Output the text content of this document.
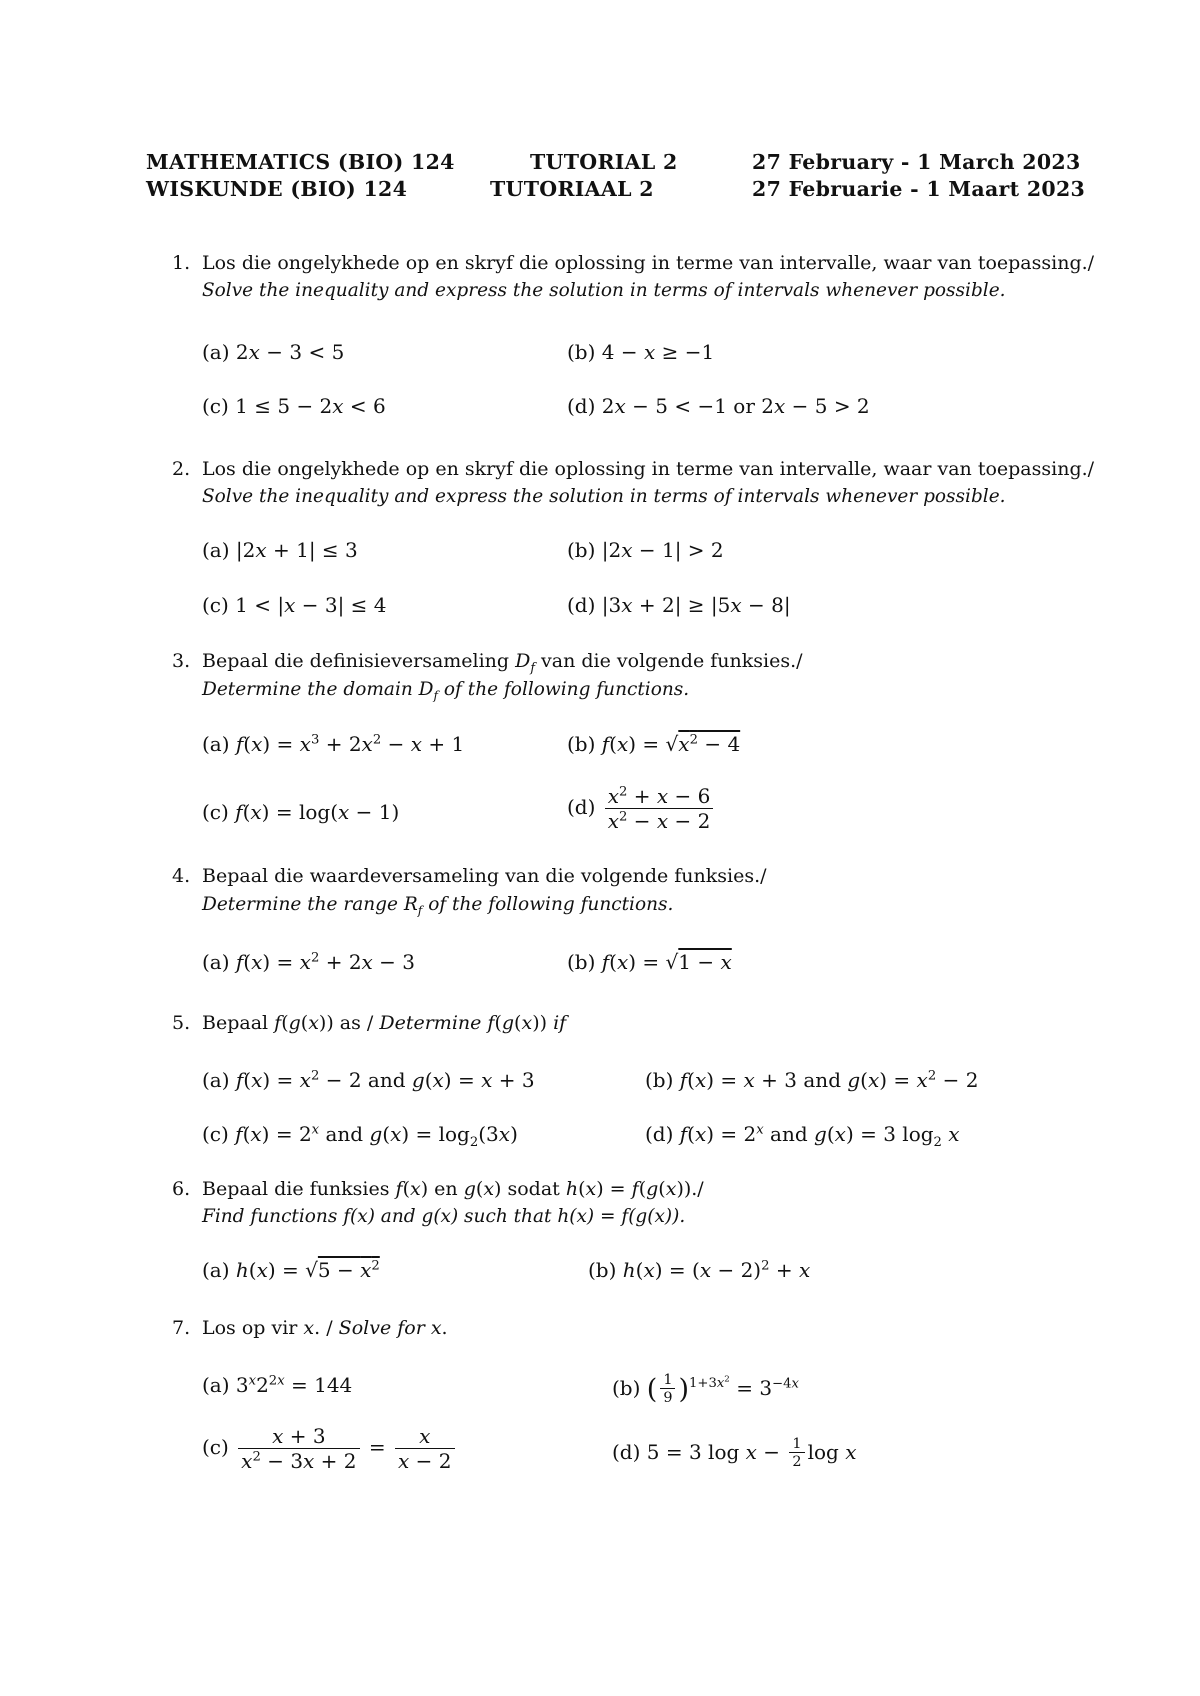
MATHEMATICS (BIO) 124	TUTORIAL 2	27 February - 1 March 2023
WISKUNDE (BIO) 124	TUTORIAAL 2	27 Februarie - 1 Maart 2023
1. Los die ongelykhede op en skryf die oplossing in terme van intervalle, waar van toepassing./
Solve the inequality and express the solution in terms of intervals whenever possible.
(a) 2x − 3 < 5	(b) 4 − x ≥ −1
(c) 1 ≤ 5 − 2x < 6	(d) 2x − 5 < −1 or 2x − 5 > 2
2. Los die ongelykhede op en skryf die oplossing in terme van intervalle, waar van toepassing./
Solve the inequality and express the solution in terms of intervals whenever possible.
(a) |2x + 1| ≤ 3	(b) |2x − 1| > 2
(c) 1 < |x − 3| ≤ 4	(d) |3x + 2| ≥ |5x − 8|
3. Bepaal die definisieversameling $D_f$ van die volgende funksies./
Determine the domain $D_f$ of the following functions.
(a) $f(x) = x^3 + 2x^2 - x + 1$	(b) $f(x) = √x^2 - 4$
(c) f(x) = log(x − 1)	$(d) \frac{x^2 + x - 6}{x^2 - x - 2}$
4. Bepaal die waardeversameling van die volgende funksies./
Determine the range $R_f$ of the following functions.
(a) $f(x) = x^2 + 2x - 3$	(b) f(x) = √1 − x
5. Bepaal f(g(x)) as / Determine f(g(x)) if
(a) $f(x) = x^2 - 2$ and g(x) = x + 3	(b) f(x) = x + 3 and $g(x) = x^2 - 2$
(c) $f(x) = 2^x$ and $g(x) = \log_2(3x)$	(d) $f(x) = 2^x$ and g(x) = 3 $\log_2 x$
6. Bepaal die funksies f(x) en g(x) sodat h(x) = f(g(x))./
Find functions f(x) and g(x) such that h(x) = f(g(x)).
(a) $h(x) = √5 - x^2$	(b) $h(x) = (x - 2)^2 + x$
7. Los op vir x. / Solve for x.
(a) $3^x2^{2x} = 144$	(b) ( $\frac{1}{9} )^{1+3x^2} = 3^{-4x}$
$(c) \frac{x + 3}{x^2 - 3x + 2} = \frac{x}{x - 2}$	(d) 5 = 3 $\log x - \frac{1}{2}$ log x
